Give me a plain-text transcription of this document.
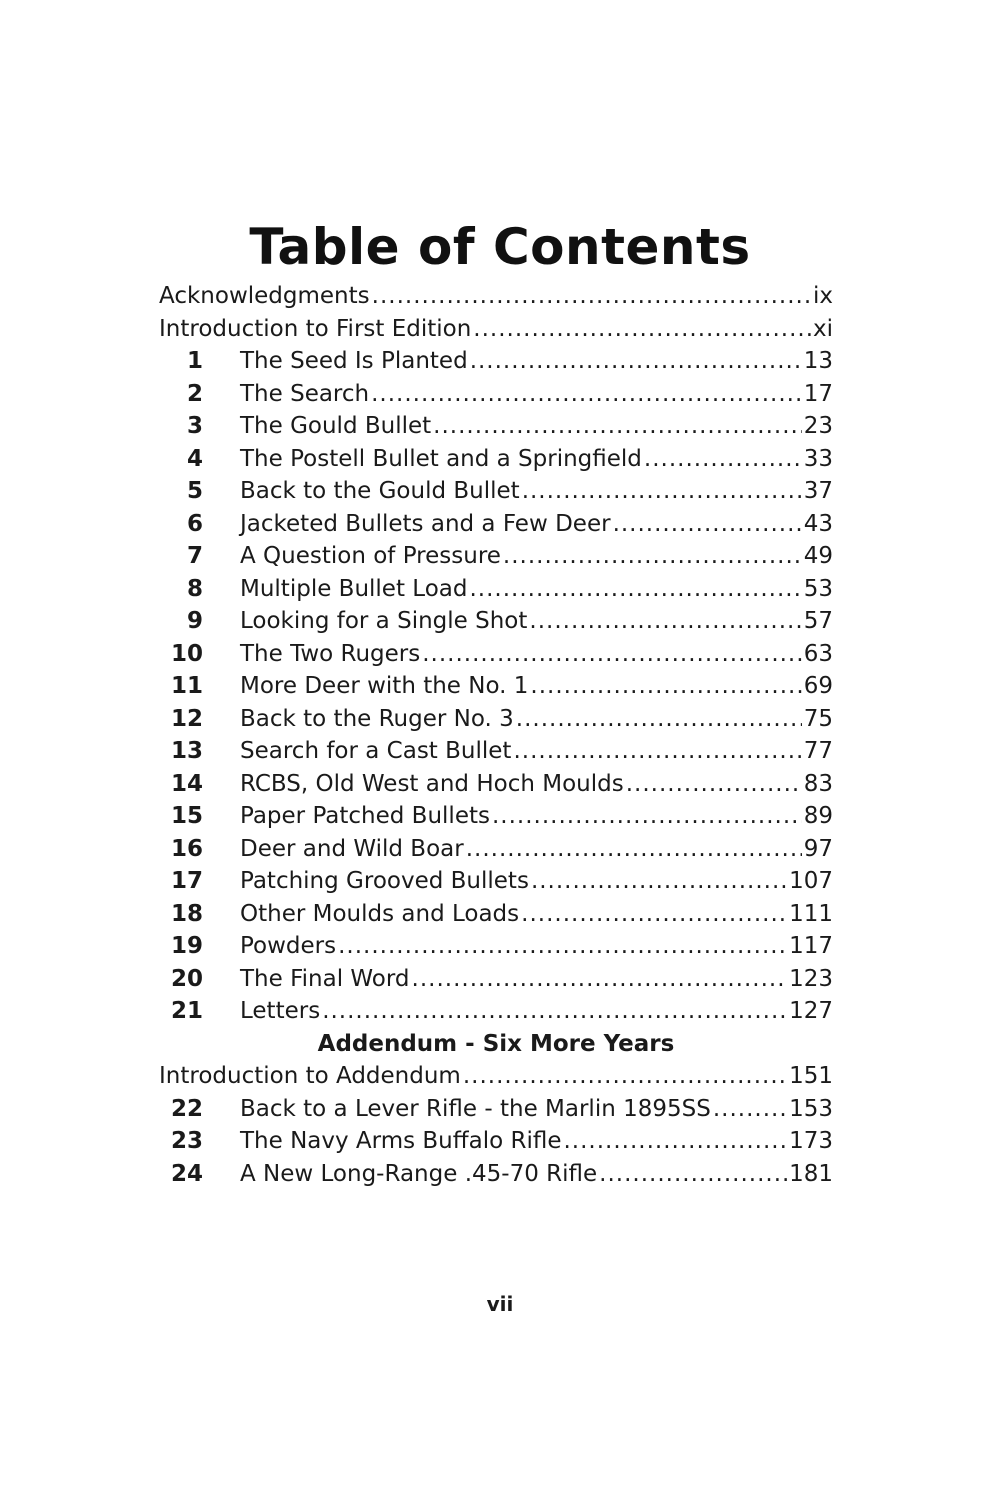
Table of Contents
Acknowledgments .....	ix
Introduction to First Edition .....	xi
1 The Seed Is Planted .....	13
2 The Search .....	17
3 The Gould Bullet .....	23
4 The Postell Bullet and a Springfield .....	33
5 Back to the Gould Bullet .....	37
6 Jacketed Bullets and a Few Deer .....	43
7 A Question of Pressure .....	49
8 Multiple Bullet Load .....	53
9 Looking for a Single Shot .....	57
10 The Two Rugers .....	63
11 More Deer with the No. 1 .....	69
12 Back to the Ruger No. 3 .....	75
13 Search for a Cast Bullet .....	77
14 RCBS, Old West and Hoch Moulds .....	83
15 Paper Patched Bullets .....	89
16 Deer and Wild Boar .....	97
17 Patching Grooved Bullets .....	107
18 Other Moulds and Loads .....	111
19 Powders .....	117
20 The Final Word .....	123
21 Letters .....	127
Addendum - Six More Years
Introduction to Addendum .....	151
22 Back to a Lever Rifle - the Marlin 1895SS .....	153
23 The Navy Arms Buffalo Rifle .....	173
24 A New Long-Range .45-70 Rifle .....	181
vii
